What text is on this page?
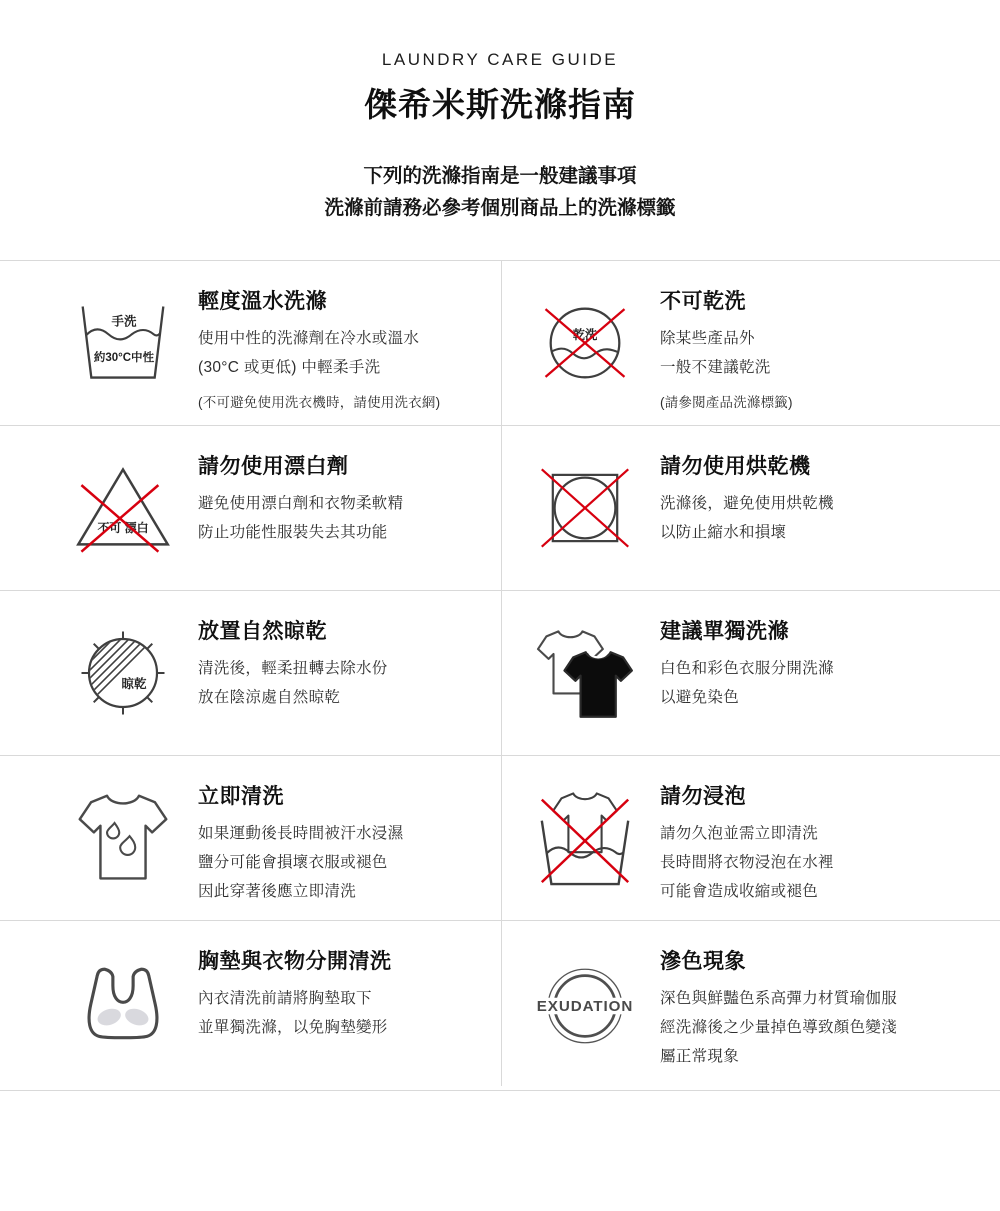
LAUNDRY CARE GUIDE
傑希米斯洗滌指南
下列的洗滌指南是一般建議事項
洗滌前請務必參考個別商品上的洗滌標籤
手洗
約30°C中性
輕度溫水洗滌
使用中性的洗滌劑在冷水或溫水
(30°C 或更低) 中輕柔手洗
(不可避免使用洗衣機時，請使用洗衣網)
乾洗
不可乾洗
除某些產品外
一般不建議乾洗
(請參閱產品洗滌標籤)
不可 漂白
請勿使用漂白劑
避免使用漂白劑和衣物柔軟精
防止功能性服裝失去其功能
請勿使用烘乾機
洗滌後，避免使用烘乾機
以防止縮水和損壞
晾乾
放置自然晾乾
清洗後，輕柔扭轉去除水份
放在陰涼處自然晾乾
建議單獨洗滌
白色和彩色衣服分開洗滌
以避免染色
立即清洗
如果運動後長時間被汗水浸濕
鹽分可能會損壞衣服或褪色
因此穿著後應立即清洗
請勿浸泡
請勿久泡並需立即清洗
長時間將衣物浸泡在水裡
可能會造成收縮或褪色
胸墊與衣物分開清洗
內衣清洗前請將胸墊取下
並單獨洗滌，以免胸墊變形
EXUDATION
滲色現象
深色與鮮豔色系高彈力材質瑜伽服
經洗滌後之少量掉色導致顏色變淺
屬正常現象
